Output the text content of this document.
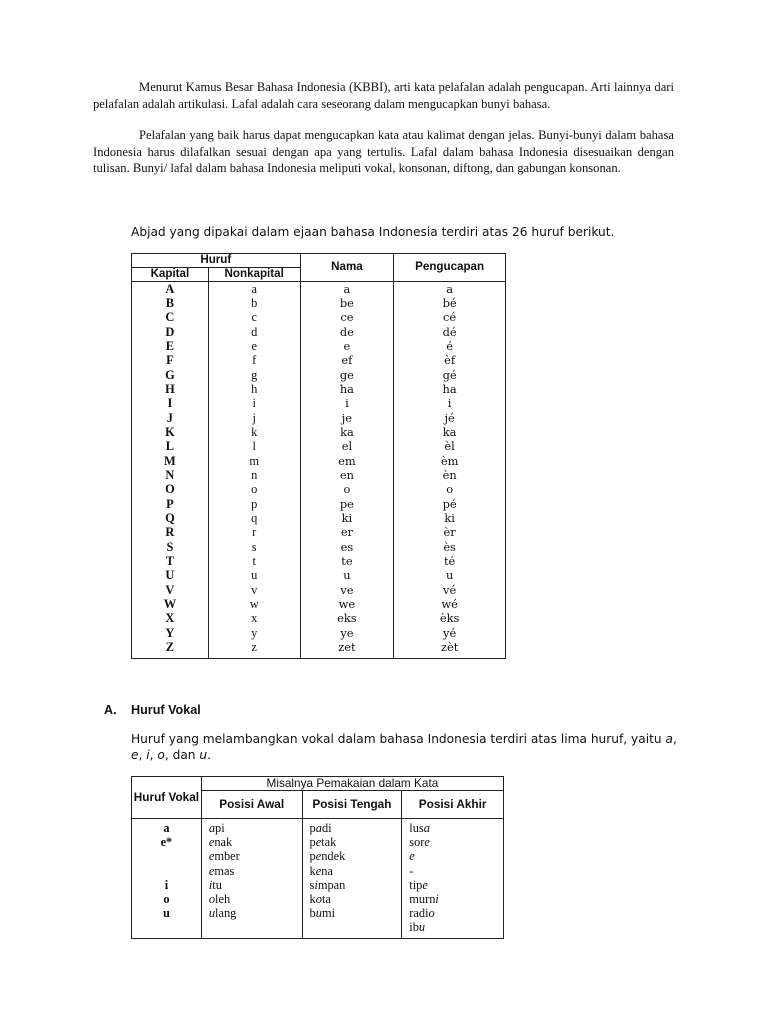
Menurut Kamus Besar Bahasa Indonesia (KBBI), arti kata pelafalan adalah pengucapan. Arti lainnya dari pelafalan adalah artikulasi. Lafal adalah cara seseorang dalam mengucapkan bunyi bahasa.

Pelafalan yang baik harus dapat mengucapkan kata atau kalimat dengan jelas. Bunyi-bunyi dalam bahasa Indonesia harus dilafalkan sesuai dengan apa yang tertulis. Lafal dalam bahasa Indonesia disesuaikan dengan tulisan. Bunyi/ lafal dalam bahasa Indonesia meliputi vokal, konsonan, diftong, dan gabungan konsonan.

Abjad yang dipakai dalam ejaan bahasa Indonesia terdiri atas 26 huruf berikut.

Huruf		Nama	Pengucapan
Kapital	Nonkapital		
A	a	a	a
B	b	be	bé
C	c	ce	cé
D	d	de	dé
E	e	e	é
F	f	ef	èf
G	g	ge	gé
H	h	ha	ha
I	i	i	i
J	j	je	jé
K	k	ka	ka
L	l	el	èl
M	m	em	èm
N	n	en	èn
O	o	o	o
P	p	pe	pé
Q	q	ki	ki
R	r	er	èr
S	s	es	ès
T	t	te	té
U	u	u	u
V	v	ve	vé
W	w	we	wé
X	x	eks	èks
Y	y	ye	yé
Z	z	zet	zèt

A. Huruf Vokal

Huruf yang melambangkan vokal dalam bahasa Indonesia terdiri atas lima huruf, yaitu a, e, i, o, dan u.

Huruf Vokal	Misalnya Pemakaian dalam Kata		
	Posisi Awal	Posisi Tengah	Posisi Akhir
a	api	padi	lusa
e*	enak	petak	sore
	ember	pendek	e
	emas	kena	-
i	itu	simpan	tipe
o	oleh	kota	murni
u	ulang	bumi	radio
			ibu
